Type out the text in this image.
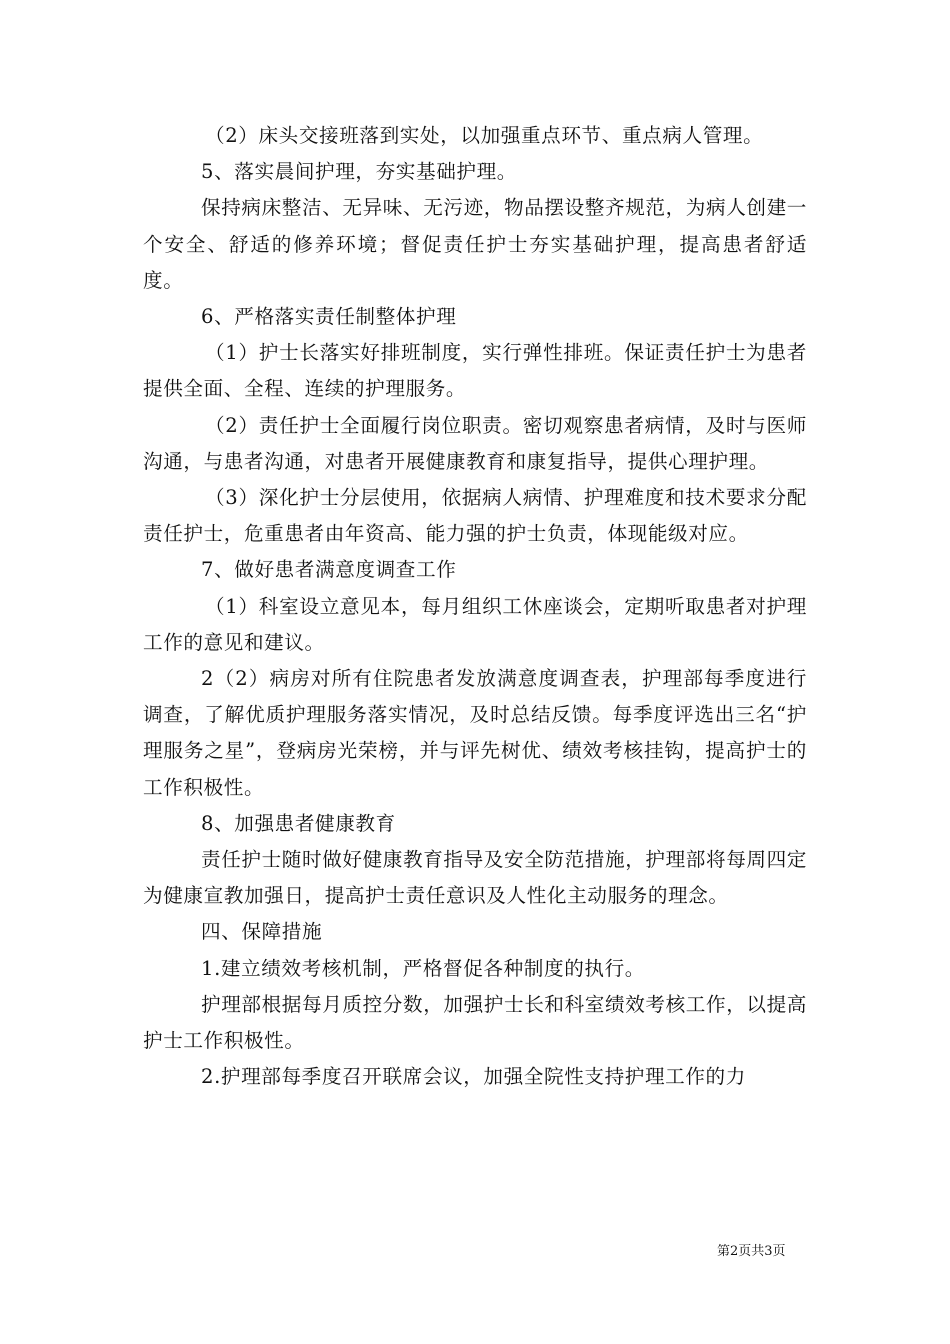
（2）床头交接班落到实处，以加强重点环节、重点病人管理。

5、落实晨间护理，夯实基础护理。

保持病床整洁、无异味、无污迹，物品摆设整齐规范，为病人创建一个安全、舒适的修养环境；督促责任护士夯实基础护理，提高患者舒适度。

6、严格落实责任制整体护理

（1）护士长落实好排班制度，实行弹性排班。保证责任护士为患者提供全面、全程、连续的护理服务。

（2）责任护士全面履行岗位职责。密切观察患者病情，及时与医师沟通，与患者沟通，对患者开展健康教育和康复指导，提供心理护理。

（3）深化护士分层使用，依据病人病情、护理难度和技术要求分配责任护士，危重患者由年资高、能力强的护士负责，体现能级对应。

7、做好患者满意度调查工作

（1）科室设立意见本，每月组织工休座谈会，定期听取患者对护理工作的意见和建议。

2（2）病房对所有住院患者发放满意度调查表，护理部每季度进行调查，了解优质护理服务落实情况，及时总结反馈。每季度评选出三名“护理服务之星”，登病房光荣榜，并与评先树优、绩效考核挂钩，提高护士的工作积极性。

8、加强患者健康教育

责任护士随时做好健康教育指导及安全防范措施，护理部将每周四定为健康宣教加强日，提高护士责任意识及人性化主动服务的理念。

四、保障措施

1.建立绩效考核机制，严格督促各种制度的执行。

护理部根据每月质控分数，加强护士长和科室绩效考核工作，以提高护士工作积极性。

2.护理部每季度召开联席会议，加强全院性支持护理工作的力

第2页共3页
